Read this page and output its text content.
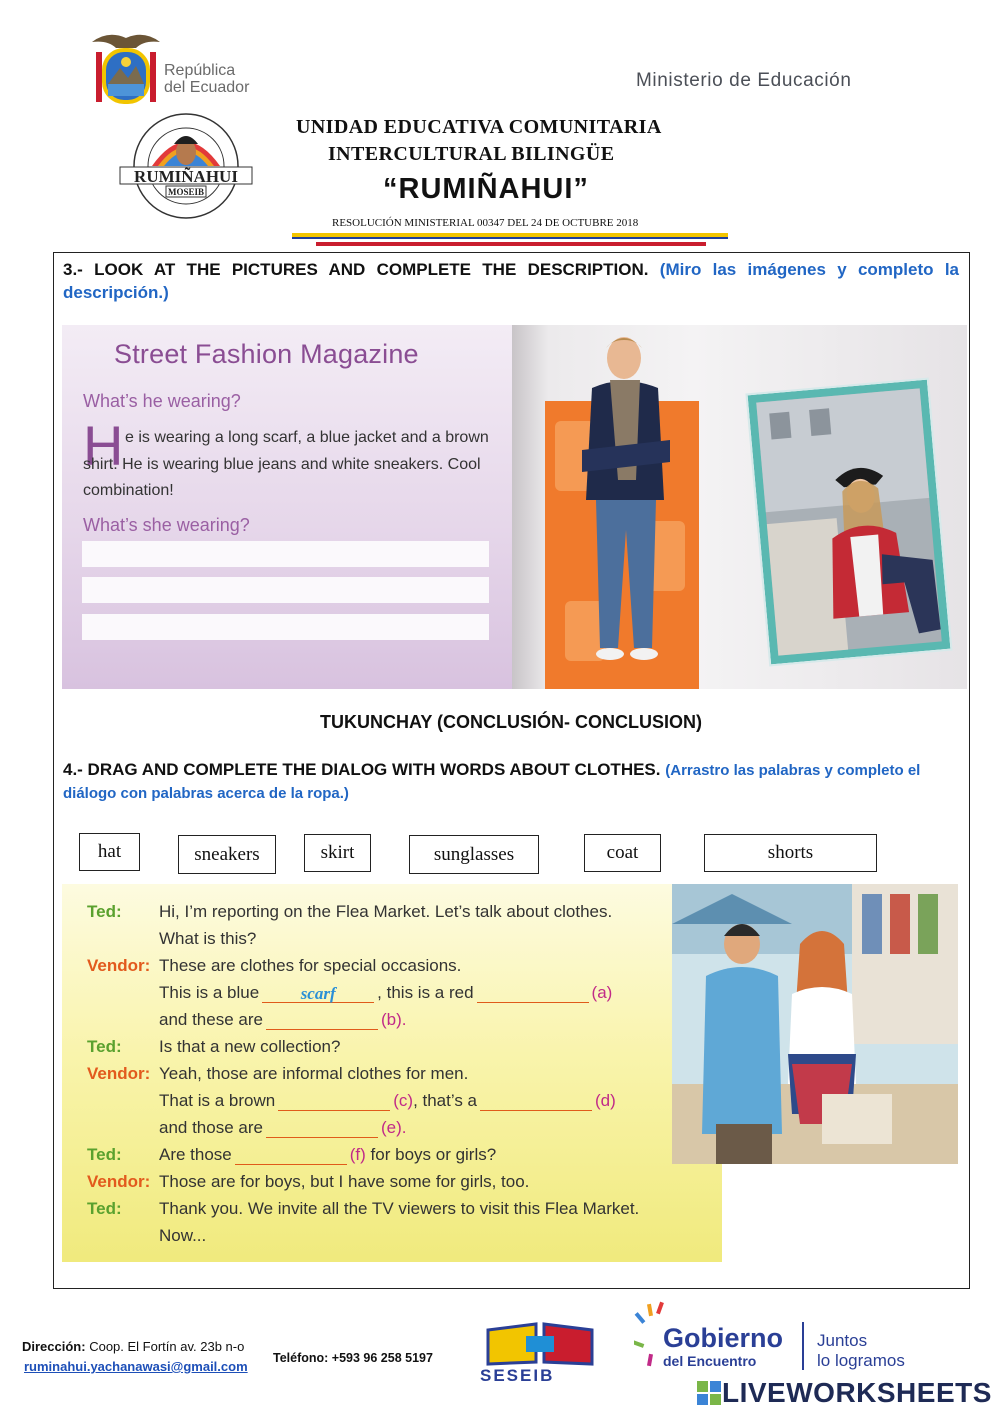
República
del Ecuador	Ministerio de Educación
RUMIÑAHUI
MOSEIB
UNIDAD EDUCATIVA COMUNITARIA
INTERCULTURAL BILINGÜE
“RUMIÑAHUI”
RESOLUCIÓN MINISTERIAL 00347 DEL 24 DE OCTUBRE 2018
3.- LOOK AT THE PICTURES AND COMPLETE THE DESCRIPTION. (Miro las imágenes y completo la descripción.)
Street Fashion Magazine
What’s he wearing?
H e is wearing a long scarf, a blue jacket and a brown shirt. He is wearing blue jeans and white sneakers. Cool combination!
What’s she wearing?
TUKUNCHAY (CONCLUSIÓN- CONCLUSION)
4.- DRAG AND COMPLETE THE DIALOG WITH WORDS ABOUT CLOTHES. (Arrastro las palabras y completo el diálogo con palabras acerca de la ropa.)
hat	sneakers	skirt	sunglasses	coat	shorts
Ted: Hi, I’m reporting on the Flea Market. Let’s talk about clothes.
What is this?
Vendor: These are clothes for special occasions.
This is a blue scarf , this is a red	(a)
and these are	(b).
Ted: Is that a new collection?
Vendor: Yeah, those are informal clothes for men.
That is a brown	(c), that’s a	(d)
and those are	(e).
Ted: Are those	(f) for boys or girls?
Vendor: Those are for boys, but I have some for girls, too.
Ted: Thank you. We invite all the TV viewers to visit this Flea Market.
Now...
Dirección: Coop. El Fortín av. 23b n-o
ruminahui.yachanawasi@gmail.com
Teléfono: +593 96 258 5197
SESEIB
Gobierno
del Encuentro
Juntos
lo logramos
LIVEWORKSHEETS
